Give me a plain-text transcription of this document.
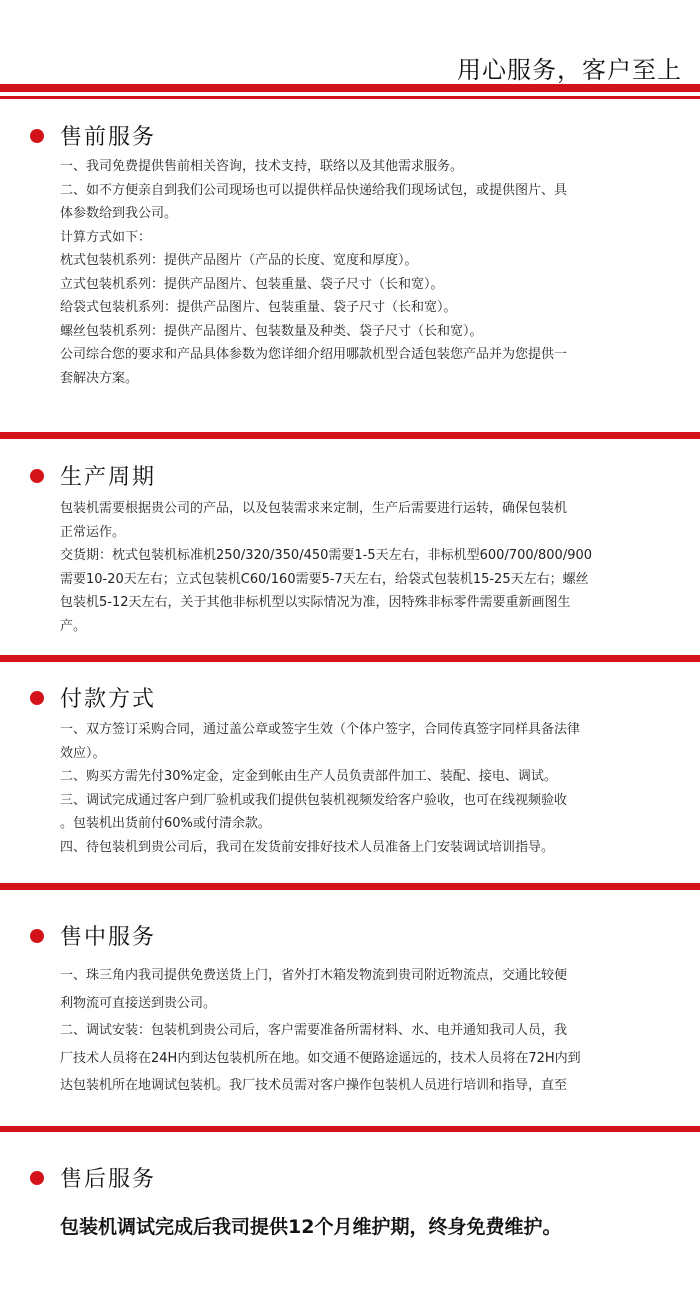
用心服务，客户至上
售前服务

一、我司免费提供售前相关咨询，技术支持，联络以及其他需求服务。

二、如不方便亲自到我们公司现场也可以提供样品快递给我们现场试包，或提供图片、具

体参数给到我公司。

计算方式如下：

枕式包装机系列：提供产品图片（产品的长度、宽度和厚度）。

立式包装机系列：提供产品图片、包装重量、袋子尺寸（长和宽）。

给袋式包装机系列：提供产品图片、包装重量、袋子尺寸（长和宽）。

螺丝包装机系列：提供产品图片、包装数量及种类、袋子尺寸（长和宽）。

公司综合您的要求和产品具体参数为您详细介绍用哪款机型合适包装您产品并为您提供一

套解决方案。

生产周期

包装机需要根据贵公司的产品，以及包装需求来定制，生产后需要进行运转，确保包装机

正常运作。

交货期：枕式包装机标准机250/320/350/450需要1-5天左右，非标机型600/700/800/900

需要10-20天左右；立式包装机C60/160需要5-7天左右，给袋式包装机15-25天左右；螺丝

包装机5-12天左右，关于其他非标机型以实际情况为准，因特殊非标零件需要重新画图生

产。

付款方式

一、双方签订采购合同，通过盖公章或签字生效（个体户签字，合同传真签字同样具备法律

效应）。

二、购买方需先付30%定金，定金到帐由生产人员负责部件加工、装配、接电、调试。

三、调试完成通过客户到厂验机或我们提供包装机视频发给客户验收，也可在线视频验收

。包装机出货前付60%或付清余款。

四、待包装机到贵公司后，我司在发货前安排好技术人员准备上门安装调试培训指导。

售中服务

一、珠三角内我司提供免费送货上门，省外打木箱发物流到贵司附近物流点，交通比较便

利物流可直接送到贵公司。

二、调试安装：包装机到贵公司后，客户需要准备所需材料、水、电并通知我司人员，我

厂技术人员将在24H内到达包装机所在地。如交通不便路途遥远的，技术人员将在72H内到

达包装机所在地调试包装机。我厂技术员需对客户操作包装机人员进行培训和指导，直至

售后服务
包装机调试完成后我司提供12个月维护期，终身免费维护。
